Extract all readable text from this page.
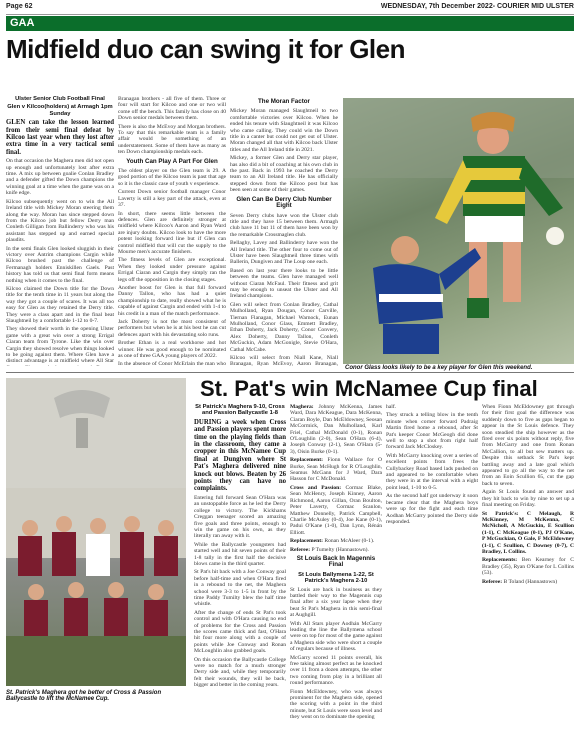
Page 62	WEDNESDAY, 7th December 2022- COURIER MID ULSTER
GAA
Midfield duo can swing it for Glen
Ulster Senior Club Football Final
Glen v Kilcoo(holders) at Armagh 1pm Sunday

GLEN can take the lesson learned from their semi final defeat by Kilcoo last year when they lost after extra time in a very tactical semi final.

On that occasion the Maghera men did not open up enough and unfortunately lost after extra time. A mix up between goalie Conlan Bradley and a defender gifted the Down champions the winning goal at a time when the game was on a knife edge.

Kilcoo subsequently went on to win the All Ireland title with Mickey Moran steering them along the way. Moran has since stepped down from the Kilcoo job but fellow Derry man Conleth Gilligan from Ballinderry who was his assistant has stepped up and earned special plaudits.

In the semi finals Glen looked sluggish in their victory over Antrim champions Cargin while Kilcoo brushed past the challenge of Fermanagh holders Enniskillen Gaels. Past history has told us that semi final form means nothing when it comes to the final.

Kilcoo claimed the Down title for the Down title for the tenth time in 11 years but along the way they got a couple of scares. It was all too easy for Glen as they retained the Derry title. They were a class apart and in the final beat Slaughtneil by a comfortable 1-12 to 0-7.

They showed their worth in the opening Ulster game with a great win over a strong Errigal Ciaran team from Tyrone. Like the win over Cargin they showed resolve when things looked to be going against them. Where Glen have a distinct advantage is at midfield where All Star

Branagan brothers - all five of them. Three or four will start for Kilcoo and one or two will come off the bench. This family has close on 40 Down senior medals between them.

There is also the McEvoy and Morgan brothers. To say that this remarkable team is a family affair would be something of an understatement. Some of them have as many as ten Down championship medals each.

Youth Can Play A Part For Glen

The oldest player on the Glen team is 29. A good portion of the Kilcoo team is past that age so it is the classic case of youth v experience.

Current Down senior football manager Conor Laverty is still a key part of the attack, even at 37.

In short, there seems little between the defences. Glen are definitely stronger at midfield where Kilcoo's Aaron and Ryan Ward are injury doubts. Kilcoo look to have the more potent looking forward line but if Glen can control midfield that will cut the supply to the Mourne men's accurate finishers.

The fitness levels of Glen are exceptional. When they looked under pressure against Errigal Ciaran and Cargin they simply ran the legs off the opposition in the closing stages.

Another boost for Glen is that full forward Danny Tallon, who has had a quiet championship to date, really showed what he is capable of against Cargin and ended with 1-4 to his credit in a man of the match performance.

Jack Doherty is not the most consistent of performers but when he is at his best he can cut defences apart with his devastating solo runs.

Brother Ethan is a real workhorse and hot winner. He was good enough to be nominated as one of three GAA young players of 2022.

In the absence of Conor McErlain the man who

The Moran Factor

Mickey Moran managed Slaughtneil to two comfortable victories over Kilcoo. When he ended his tenure with Slaughtneil it was Kilcoo who came calling. They could win the Down title in a canter but could not get out of Ulster. Moran changed all that with Kilcoo back Ulster titles and the All Ireland title in 2021.

Mickey, a former Glen and Derry star player, has also did a bit of coaching at his own club in the past. Back in 1993 he coached the Derry team to an All Ireland title. He has officially stepped down from the Kilcoo post but has been seen at some of their games.

Glen Can Be Derry Club Number Eight

Seven Derry clubs have won the Ulster club title and they have 15 between them. Armagh club have 11 but 11 of them have been won by the remarkable Crossmaglen club.

Bellaghy, Lavey and Ballinderry have won the All Ireland title. The other four to come out of Ulster have been Slaughtneil three times with Ballerin, Dungiven and The Loup one each.

Based on last year there looks to be little between the teams. Glen have managed well without Ciaran McFaul. Their fitness and grit may be enough to unseat the Ulster and All Ireland champions.

Glen will select from Conlan Bradley, Cathal Mulholland, Ryan Dougan, Conor Carville, Tiernan Flanagan, Michael Warnock, Eunan Mulholland, Conor Glass, Emmett Bradley, Ethan Doherty, Jack Doherty, Conor Convery, Alex Doherty, Danny Tallon, Conleth McGuckin, Adam McGonigle, Stevie O'Hara, Cathal McCabe.

Kilcoo will select from Niall Kane, Niall Branagan, Ryan McEvoy, Aaron Branagan,

Conor Glass looks likely to be a key player for Glen this weekend.
St. Patrick's Maghera got he better of Cross & Passion Ballycastle to lift the McNamee Cup.
St. Pat's win McNamee Cup final
St Patrick's Maghera 9-10, Cross and Passion Ballycastle 1-8

DURING a week when Cross and Passion players spent more time on the playing fields than in the classroom, they came a cropper in this McNamee Cup final at Dungiven where St Pat's Maghera delivered nine knock out blows. Beaten by 26 points they can have no complaints.

Entering full forward Sean O'Hara was an unstoppable force as he led the Derry college to victory. The Kickhams Creggan teenager scored an amazing five goals and three points, enough to win the game on his own, as they literally ran away with it.

While the Ballycastle youngsters had started well and hit seven points of their 1-8 tally in the first half the decisive blows came in the third quarter.

St Pat's hit back with a Joe Conway goal before half-time and when O'Hara fired in a rebound to the net, the Maghera school were 3-3 to 1-5 in front by the time Paddy Tumilty blew the half time whistle.

After the change of ends St Pat's took control and with O'Hara causing no end of problems for the Cross and Passion the scores came thick and fast, O'Hara hit four more along with a couple of points while Joe Conway and Ronan McLoughlin also grabbed goals.

On this occasion the Ballycastle College were no match for a much stronger Derry side and, while they temporarily felt their wounds, they will be back, bigger and better in the coming years.

Maghera: Johnny McKenna, James Ward, Dara McKeague, Dara McKenna, Ciaran Boyle, Dan McEldowney, Seosan McCormick, Dan Mulholland, Karl Friel, Cathal McDonald (0-1), Ronan O'Loughlin (2-0), Sean O'Hara (6-4), Joseph Conway (2-1), Sean O'Hara (5-3), Oisin Burke (0-1).

Replacement: Fionn Wallace for O Burke, Sean McHugh for R O'Loughlin, Seamus McGann for J Ward, Dara Hasson for C McDonald.

Cross and Passion: Cormac Blake, Sean McHenry, Joseph Kinney, Aaron Richmond, Aaron Gillan, Oran Boulton, Peter Laverty, Cormac Scanlon, Matthew Donnelly, Patrick Campbell, Charlie McAuley (0-4), Joe Kane (0-1), Padui O'Kane (1-0), Dan Lynn, Rénán Elliott.

Replacement: Ronan McAleer (0-1).

Referee: P Tumelty (Hannastown).

St Louis Back In Magennis Final
St Louis Ballymena 1-22, St Patrick's Maghera 2-10

St Louis are back in business as they battled their way to the Magennis cup final after a six year lapse when they beat St Pat's Maghera in this semi-final at Aughgill.

With All Stars player Aodhán McGarry leading the line the Ballymena school were on top for most of the game against a Maghera side who were short a couple of regulars because of illness.

McGarry scored 11 points overall, his free taking almost perfect as he knocked over 11 from a dozen attempts, the other two coming from play in a brilliant all round performance.

Fionn McEldowney, who was always prominent for the Maghera side, opened the scoring with a point in the third minute, but St Louis were soon level and they went on to dominate the opening

half.

They struck a telling blow in the tenth minute when corner forward Padraig Martin fired home a rebound, after St Pat's keeper Conor McGeogh did done well to stop a shot from right half forward Jack McCloskey.

With McGarry knocking over a series of excellent points from frees the Cullybackey Road based lads pushed on and appeared to be comfortable when they were in at the interval with a eight point lead, 1-10 to 0-5.

As the second half got underway it soon became clear that the Maghera boys were up for the fight and each time Aodhan McGarry pointed the Derry side responded.

When Fionn McEldowney got through for their first goal the difference was suddenly down to five as gaps began to appear in the St Louis defence. They soon steadied the ship however as the fired over six points without reply, five from McGarry and one from Ronan McCallion, to all but sew matters up. Despite this setback St Pat's kept battling away and a late goal which appeared to go all the way to the net from an Eoin Scullion 65, cut the gap back to seven.

Again St Louis found an answer and they hit back to win by nine to set up a final meeting on Friday.

St Patrick's: C Melaugh, R McKinney, M McKenna, C McNicholl, A McGuckin, E Scullion (1-1), C McKeague (0-1), PJ O'Kane, P McGuckian, O Gale, F McEldowney (1-1), C Scullion, C Downey (0-7), C Bradley, L Collins.

Replacements: Ben Kearney for C Bradley (35), Ryan O'Kane for L Collins (53).

Referee: B Toland (Hannastown)
